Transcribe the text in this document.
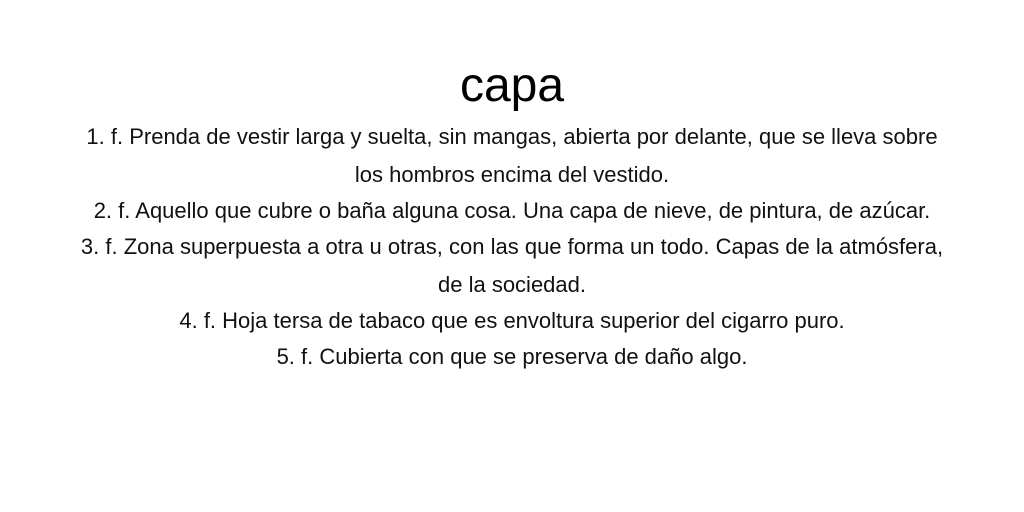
capa
1. f. Prenda de vestir larga y suelta, sin mangas, abierta por delante, que se lleva sobre los hombros encima del vestido.
2. f. Aquello que cubre o baña alguna cosa. Una capa de nieve, de pintura, de azúcar.
3. f. Zona superpuesta a otra u otras, con las que forma un todo. Capas de la atmósfera, de la sociedad.
4. f. Hoja tersa de tabaco que es envoltura superior del cigarro puro.
5. f. Cubierta con que se preserva de daño algo.
